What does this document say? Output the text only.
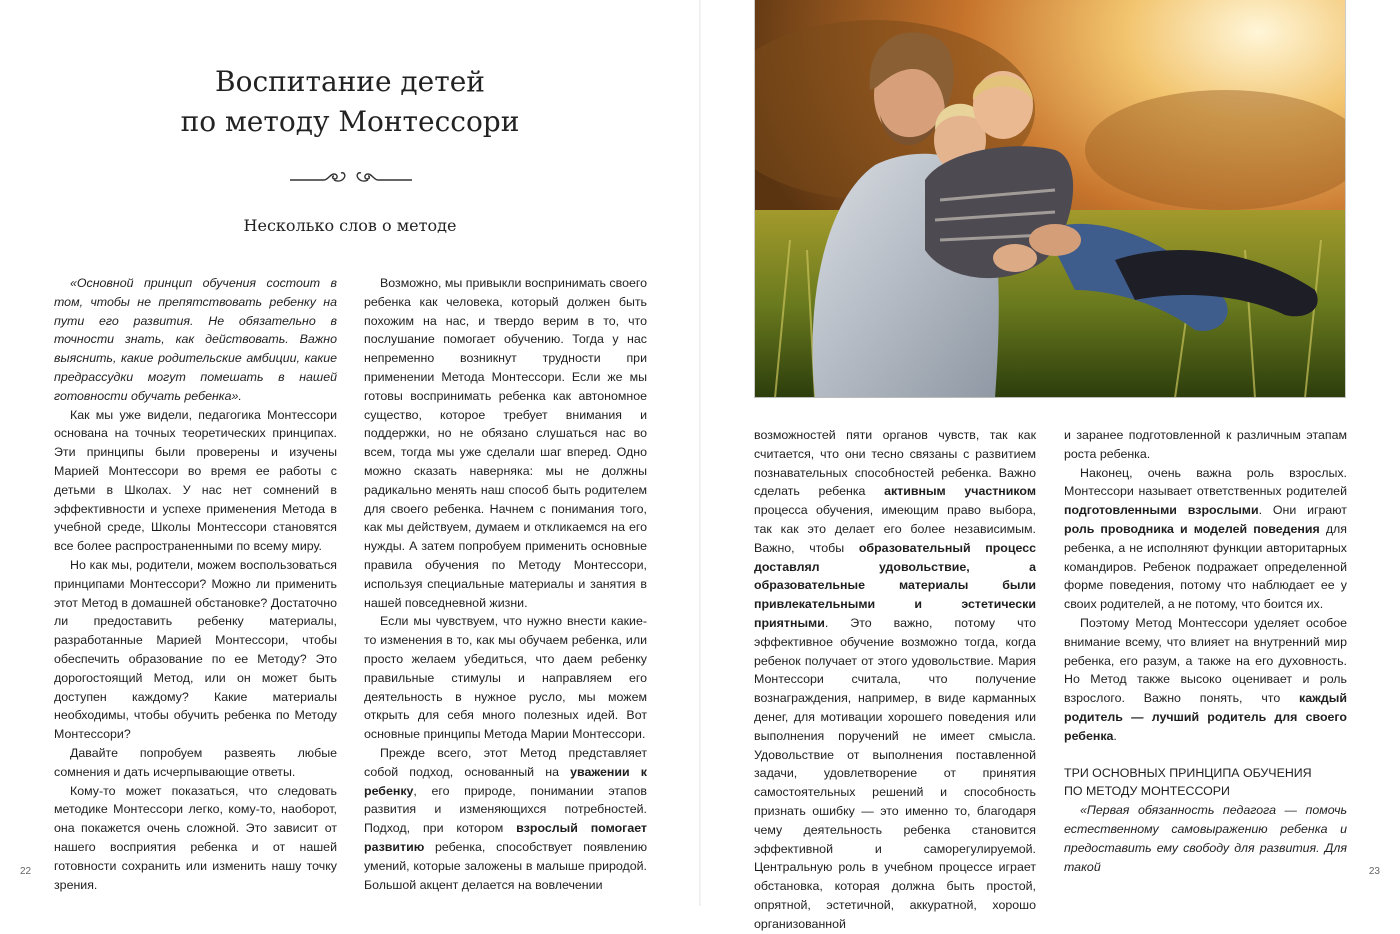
Воспитание детей
по методу Монтессори
Несколько слов о методе

«Основной принцип обучения состоит в том, чтобы не препятствовать ребенку на пути его развития. Не обязательно в точности знать, как действовать. Важно выяснить, какие родительские амбиции, какие предрассудки могут помешать в нашей готовности обучать ребенка».

Как мы уже видели, педагогика Монтессори основана на точных теоретических принципах. Эти принципы были проверены и изучены Марией Монтессори во время ее работы с детьми в Школах. У нас нет сомнений в эффективности и успехе применения Метода в учебной среде, Школы Монтессори становятся все более распространенными по всему миру.

Но как мы, родители, можем воспользоваться принципами Монтессори? Можно ли применить этот Метод в домашней обстановке? Достаточно ли предоставить ребенку материалы, разработанные Марией Монтессори, чтобы обеспечить образование по ее Методу? Это дорогостоящий Метод, или он может быть доступен каждому? Какие материалы необходимы, чтобы обучить ребенка по Методу Монтессори?

Давайте попробуем развеять любые сомнения и дать исчерпывающие ответы.

Кому-то может показаться, что следовать методике Монтессори легко, кому-то, наоборот, она покажется очень сложной. Это зависит от нашего восприятия ребенка и от нашей готовности сохранить или изменить нашу точку зрения.

Возможно, мы привыкли воспринимать своего ребенка как человека, который должен быть похожим на нас, и твердо верим в то, что послушание помогает обучению. Тогда у нас непременно возникнут трудности при применении Метода Монтессори. Если же мы готовы воспринимать ребенка как автономное существо, которое требует внимания и поддержки, но не обязано слушаться нас во всем, тогда мы уже сделали шаг вперед. Одно можно сказать наверняка: мы не должны радикально менять наш способ быть родителем для своего ребенка. Начнем с понимания того, как мы действуем, думаем и откликаемся на его нужды. А затем попробуем применить основные правила обучения по Методу Монтессори, используя специальные материалы и занятия в нашей повседневной жизни.

Если мы чувствуем, что нужно внести какие-то изменения в то, как мы обучаем ребенка, или просто желаем убедиться, что даем ребенку правильные стимулы и направляем его деятельность в нужное русло, мы можем открыть для себя много полезных идей. Вот основные принципы Метода Марии Монтессори.

Прежде всего, этот Метод представляет собой подход, основанный на уважении к ребенку, его природе, понимании этапов развития и изменяющихся потребностей. Подход, при котором взрослый помогает развитию ребенка, способствует появлению умений, которые заложены в малыше природой. Большой акцент делается на вовлечении

22

возможностей пяти органов чувств, так как считается, что они тесно связаны с развитием познавательных способностей ребенка. Важно сделать ребенка активным участником процесса обучения, имеющим право выбора, так как это делает его более независимым. Важно, чтобы образовательный процесс доставлял удовольствие, а образовательные материалы были привлекательными и эстетически приятными. Это важно, потому что эффективное обучение возможно тогда, когда ребенок получает от этого удовольствие. Мария Монтессори считала, что получение вознаграждения, например, в виде карманных денег, для мотивации хорошего поведения или выполнения поручений не имеет смысла. Удовольствие от выполнения поставленной задачи, удовлетворение от принятия самостоятельных решений и способность признать ошибку — это именно то, благодаря чему деятельность ребенка становится эффективной и саморегулируемой. Центральную роль в учебном процессе играет обстановка, которая должна быть простой, опрятной, эстетичной, аккуратной, хорошо организованной

и заранее подготовленной к различным этапам роста ребенка.

Наконец, очень важна роль взрослых. Монтессори называет ответственных родителей подготовленными взрослыми. Они играют роль проводника и моделей поведения для ребенка, а не исполняют функции авторитарных командиров. Ребенок подражает определенной форме поведения, потому что наблюдает ее у своих родителей, а не потому, что боится их.

Поэтому Метод Монтессори уделяет особое внимание всему, что влияет на внутренний мир ребенка, его разум, а также на его духовность. Но Метод также высоко оценивает и роль взрослого. Важно понять, что каждый родитель — лучший родитель для своего ребенка.

ТРИ ОСНОВНЫХ ПРИНЦИПА ОБУЧЕНИЯ
ПО МЕТОДУ МОНТЕССОРИ

«Первая обязанность педагога — помочь естественному самовыражению ребенка и предоставить ему свободу для развития. Для такой	23
